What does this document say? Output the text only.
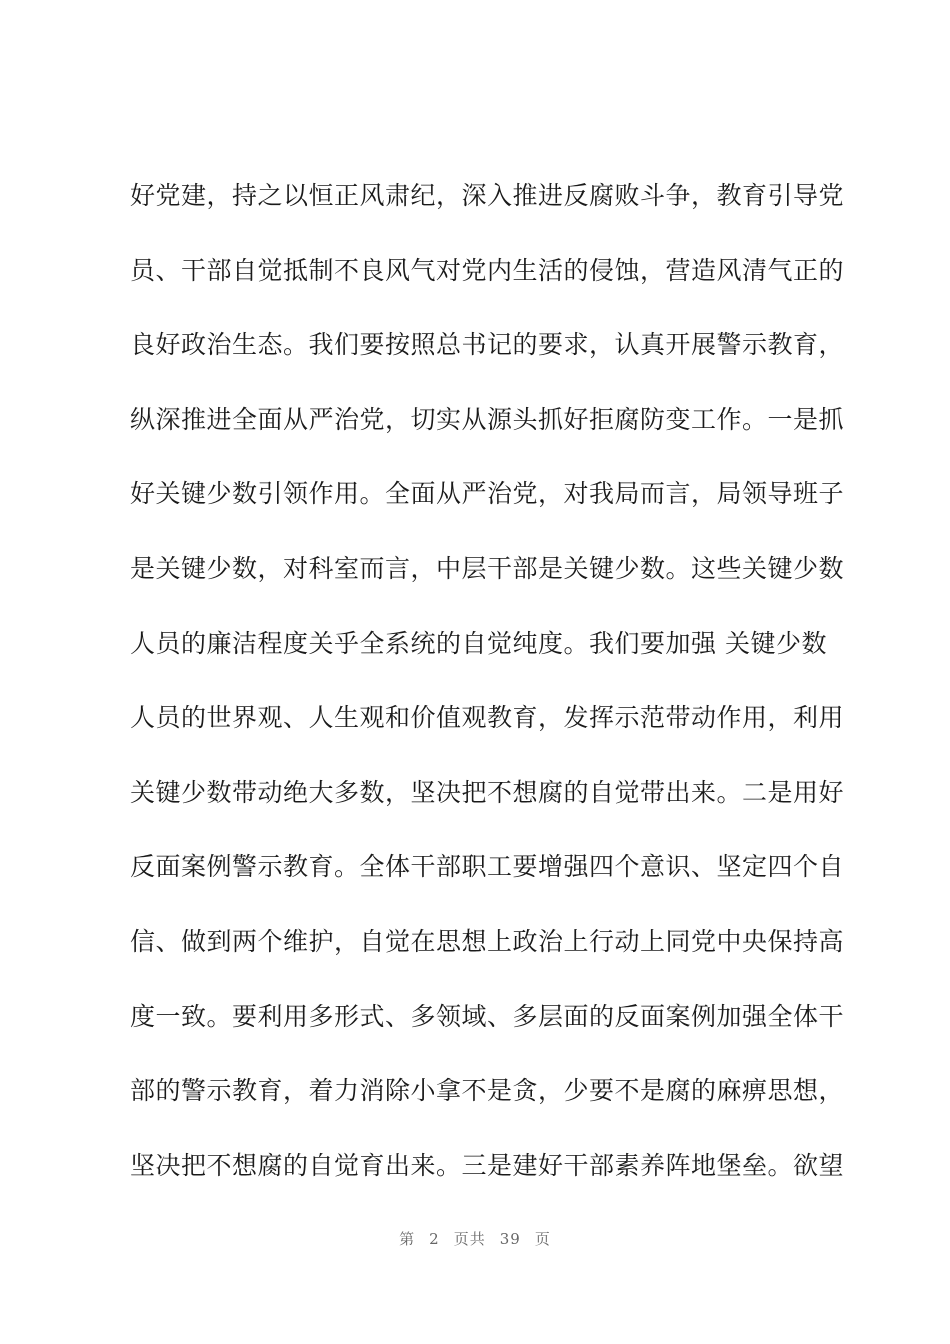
好党建，持之以恒正风肃纪，深入推进反腐败斗争，教育引导党
员、干部自觉抵制不良风气对党内生活的侵蚀，营造风清气正的
良好政治生态。我们要按照总书记的要求，认真开展警示教育，
纵深推进全面从严治党，切实从源头抓好拒腐防变工作。一是抓
好关键少数引领作用。全面从严治党，对我局而言，局领导班子
是关键少数，对科室而言，中层干部是关键少数。这些关键少数
人员的廉洁程度关乎全系统的自觉纯度。我们要加强 关键少数
人员的世界观、人生观和价值观教育，发挥示范带动作用，利用
关键少数带动绝大多数，坚决把不想腐的自觉带出来。二是用好
反面案例警示教育。全体干部职工要增强四个意识、坚定四个自
信、做到两个维护，自觉在思想上政治上行动上同党中央保持高
度一致。要利用多形式、多领域、多层面的反面案例加强全体干
部的警示教育，着力消除小拿不是贪，少要不是腐的麻痹思想，
坚决把不想腐的自觉育出来。三是建好干部素养阵地堡垒。欲望
第 2 页共 39 页
